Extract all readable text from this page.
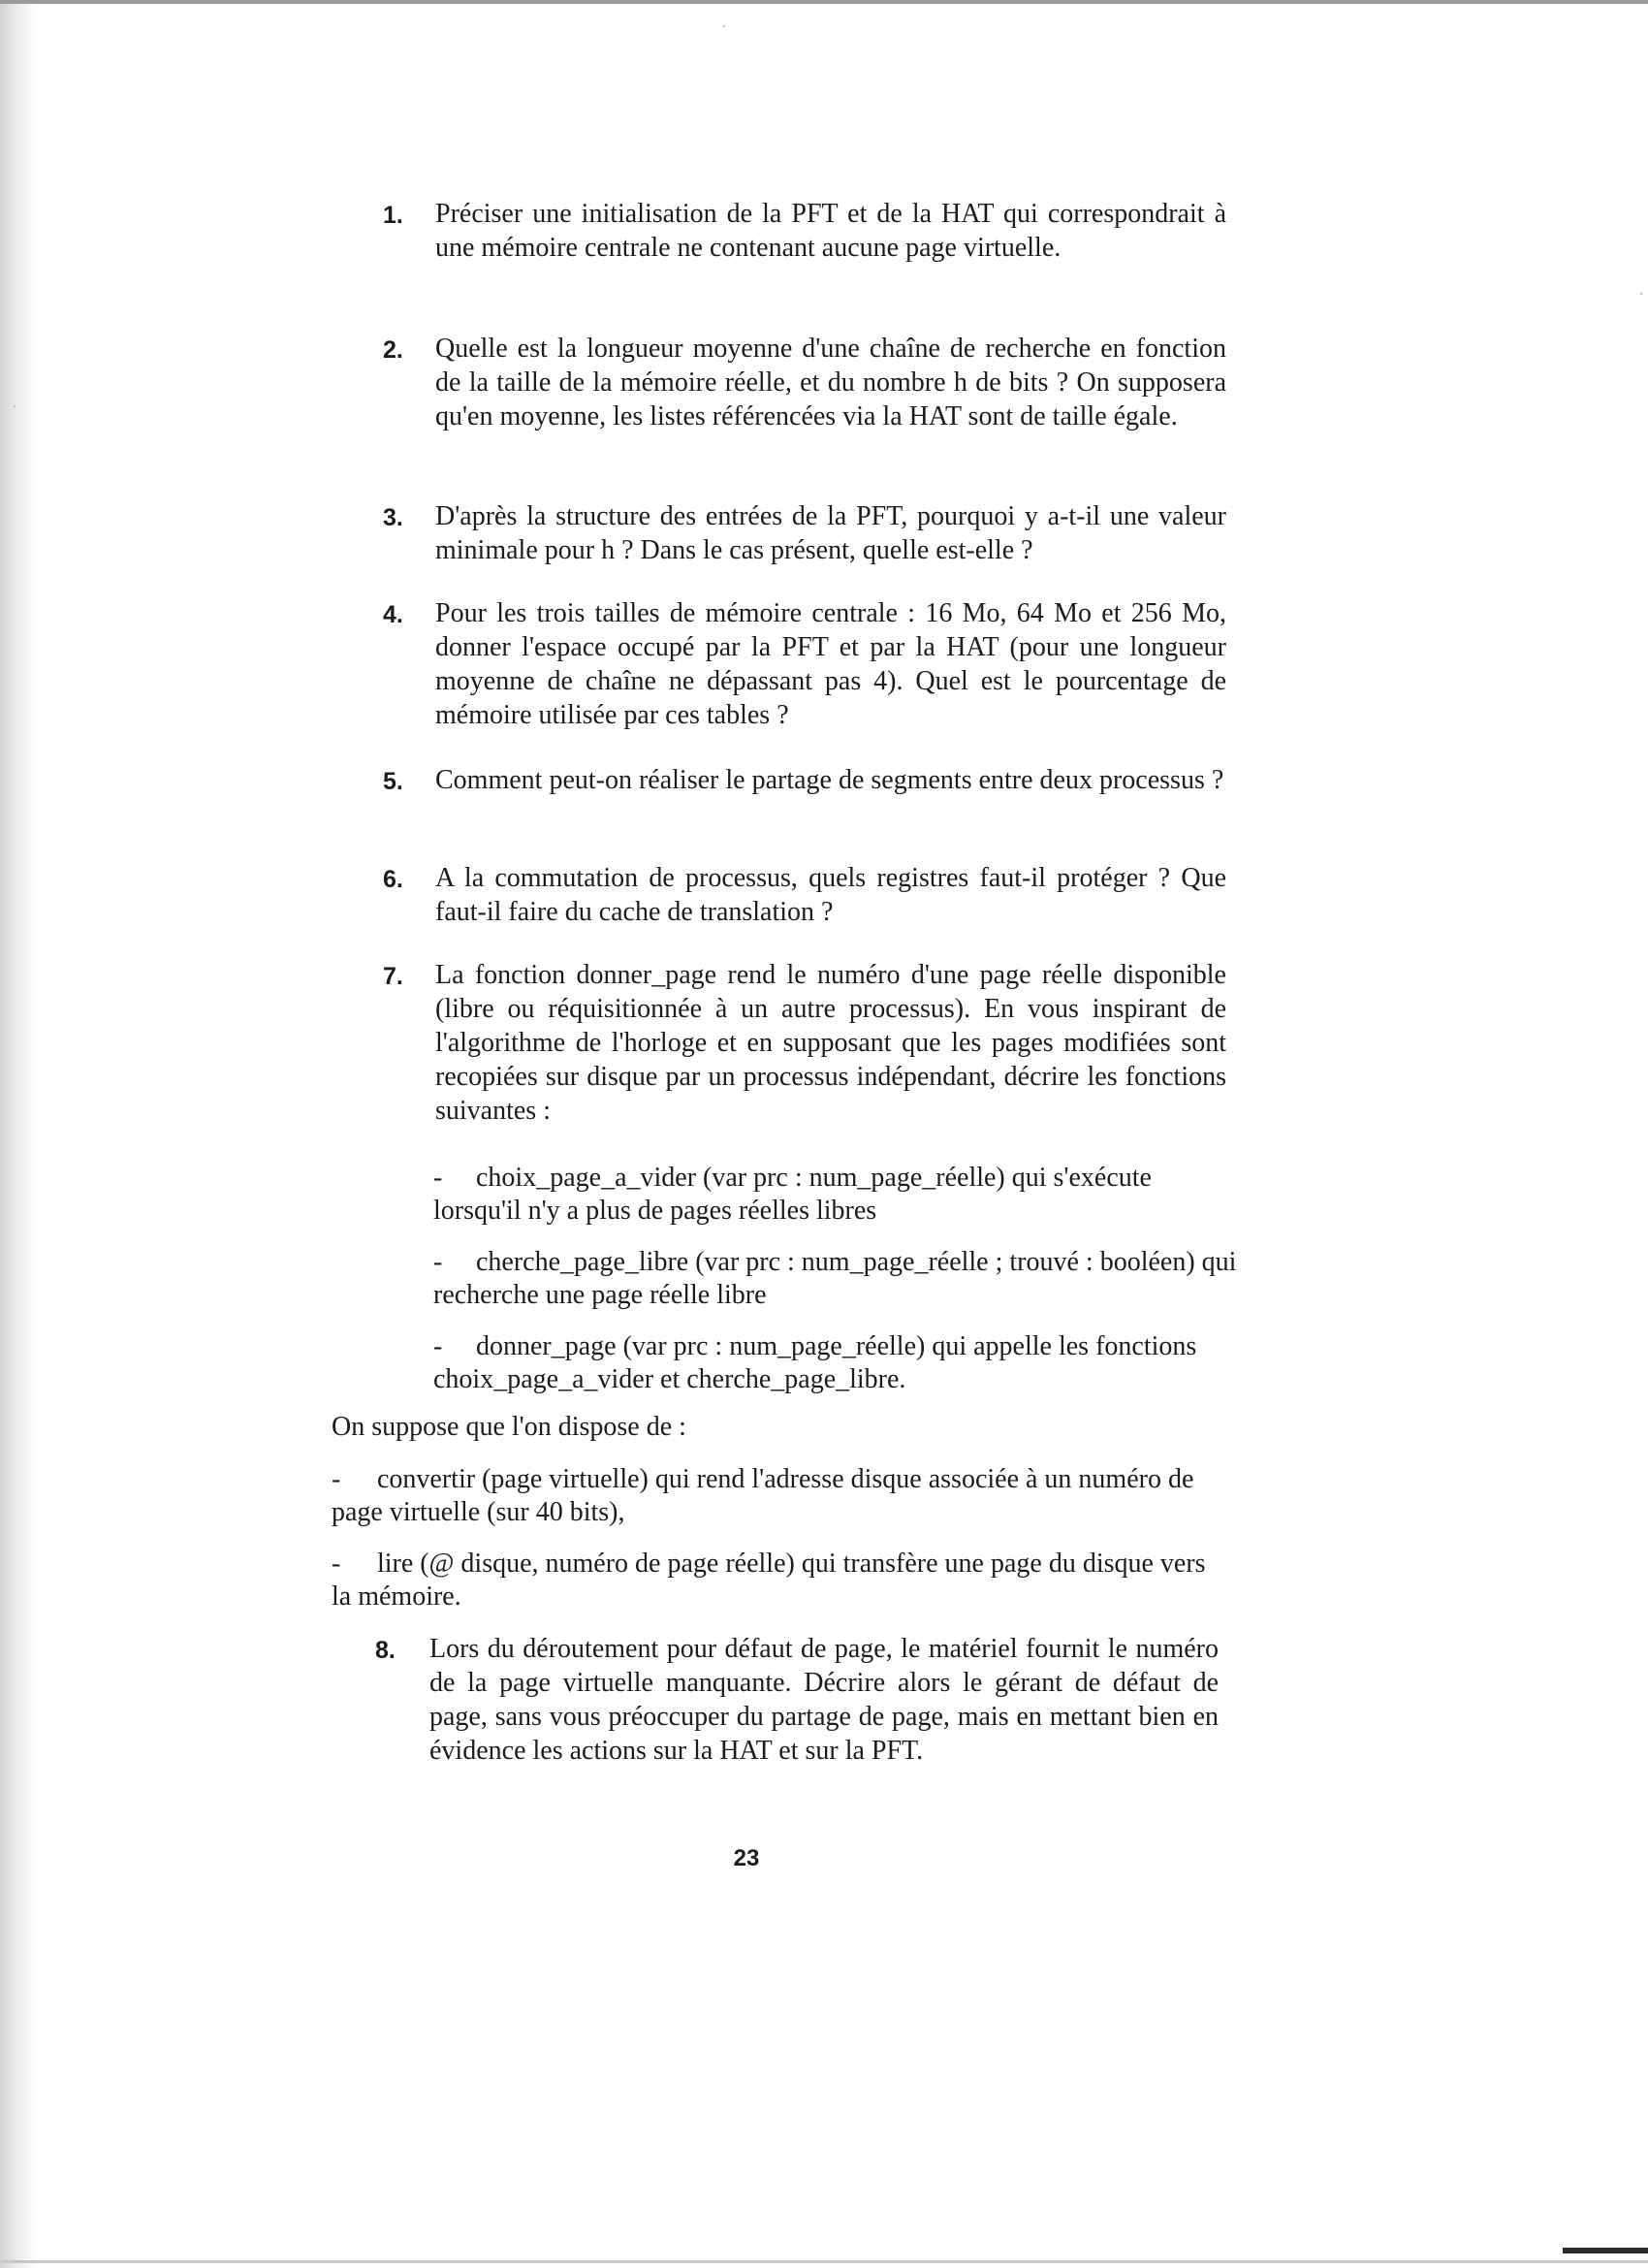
1.	Préciser une initialisation de la PFT et de la HAT qui correspondrait à une mémoire centrale ne contenant aucune page virtuelle.
2.	Quelle est la longueur moyenne d'une chaîne de recherche en fonction de la taille de la mémoire réelle, et du nombre h de bits ? On supposera qu'en moyenne, les listes référencées via la HAT sont de taille égale.
3.	D'après la structure des entrées de la PFT, pourquoi y a-t-il une valeur minimale pour h ? Dans le cas présent, quelle est-elle ?
4.	Pour les trois tailles de mémoire centrale : 16 Mo, 64 Mo et 256 Mo, donner l'espace occupé par la PFT et par la HAT (pour une longueur moyenne de chaîne ne dépassant pas 4). Quel est le pourcentage de mémoire utilisée par ces tables ?
5.	Comment peut-on réaliser le partage de segments entre deux processus ?
6.	A la commutation de processus, quels registres faut-il protéger ? Que faut-il faire du cache de translation ?
7.	La fonction donner_page rend le numéro d'une page réelle disponible (libre ou réquisitionnée à un autre processus). En vous inspirant de l'algorithme de l'horloge et en supposant que les pages modifiées sont recopiées sur disque par un processus indépendant, décrire les fonctions suivantes :
- choix_page_a_vider (var prc : num_page_réelle) qui s'exécute
lorsqu'il n'y a plus de pages réelles libres
- cherche_page_libre (var prc : num_page_réelle ; trouvé : booléen) qui
recherche une page réelle libre
- donner_page (var prc : num_page_réelle) qui appelle les fonctions
choix_page_a_vider et cherche_page_libre.
On suppose que l'on dispose de :
- convertir (page virtuelle) qui rend l'adresse disque associée à un numéro de
page virtuelle (sur 40 bits),
- lire (@ disque, numéro de page réelle) qui transfère une page du disque vers
la mémoire.
8.	Lors du déroutement pour défaut de page, le matériel fournit le numéro de la page virtuelle manquante. Décrire alors le gérant de défaut de page, sans vous préoccuper du partage de page, mais en mettant bien en évidence les actions sur la HAT et sur la PFT.
23
